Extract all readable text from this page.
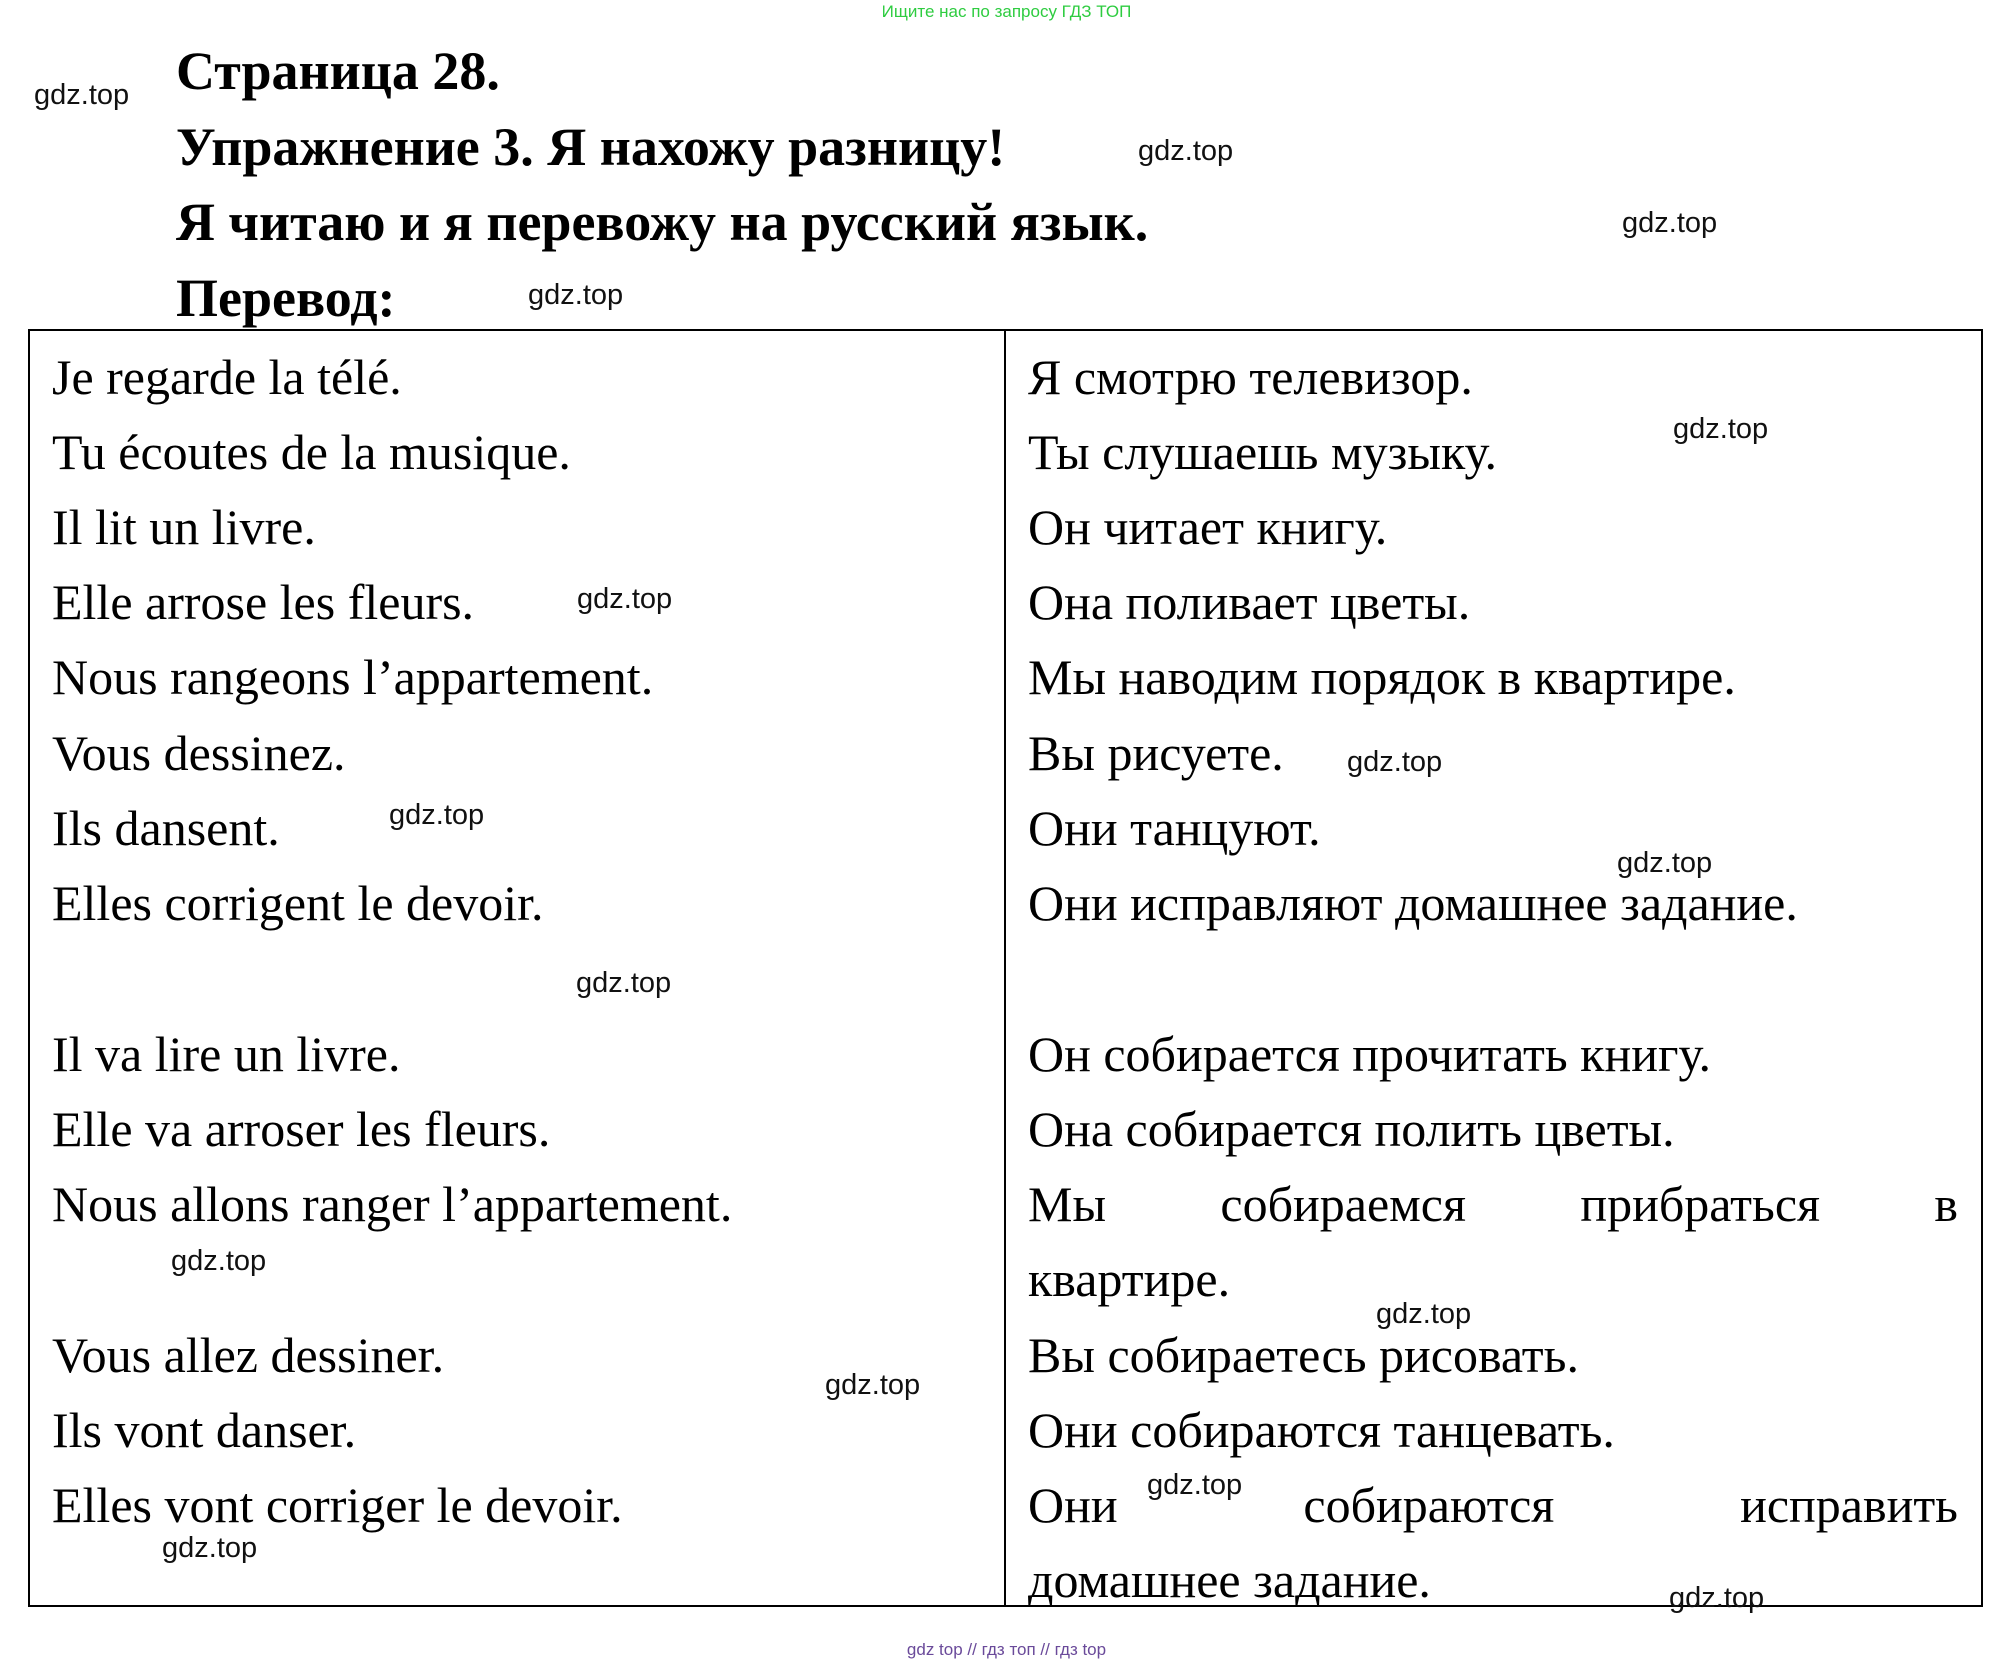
Ищите нас по запросу ГДЗ ТОП
Страница 28.
Упражнение 3. Я нахожу разницу!
Я читаю и я перевожу на русский язык.
Перевод:
Je regarde la télé.
Tu écoutes de la musique.
Il lit un livre.
Elle arrose les fleurs.
Nous rangeons l’appartement.
Vous dessinez.
Ils dansent.
Elles corrigent le devoir.
Il va lire un livre.
Elle va arroser les fleurs.
Nous allons ranger l’appartement.
Vous allez dessiner.
Ils vont danser.
Elles vont corriger le devoir.
Я смотрю телевизор.
Ты слушаешь музыку.
Он читает книгу.
Она поливает цветы.
Мы наводим порядок в квартире.
Вы рисуете.
Они танцуют.
Они исправляют домашнее задание.
Он собирается прочитать книгу.
Она собирается полить цветы.
Мы собираемся прибраться в
квартире.
Вы собираетесь рисовать.
Они собираются танцевать.
Они	собираются	исправить
домашнее задание.
gdz.top
gdz.top
gdz.top
gdz.top
gdz.top
gdz.top
gdz.top
gdz.top
gdz.top
gdz.top
gdz.top
gdz.top
gdz.top
gdz.top
gdz.top
gdz.top
gdz top // гдз топ // гдз top
